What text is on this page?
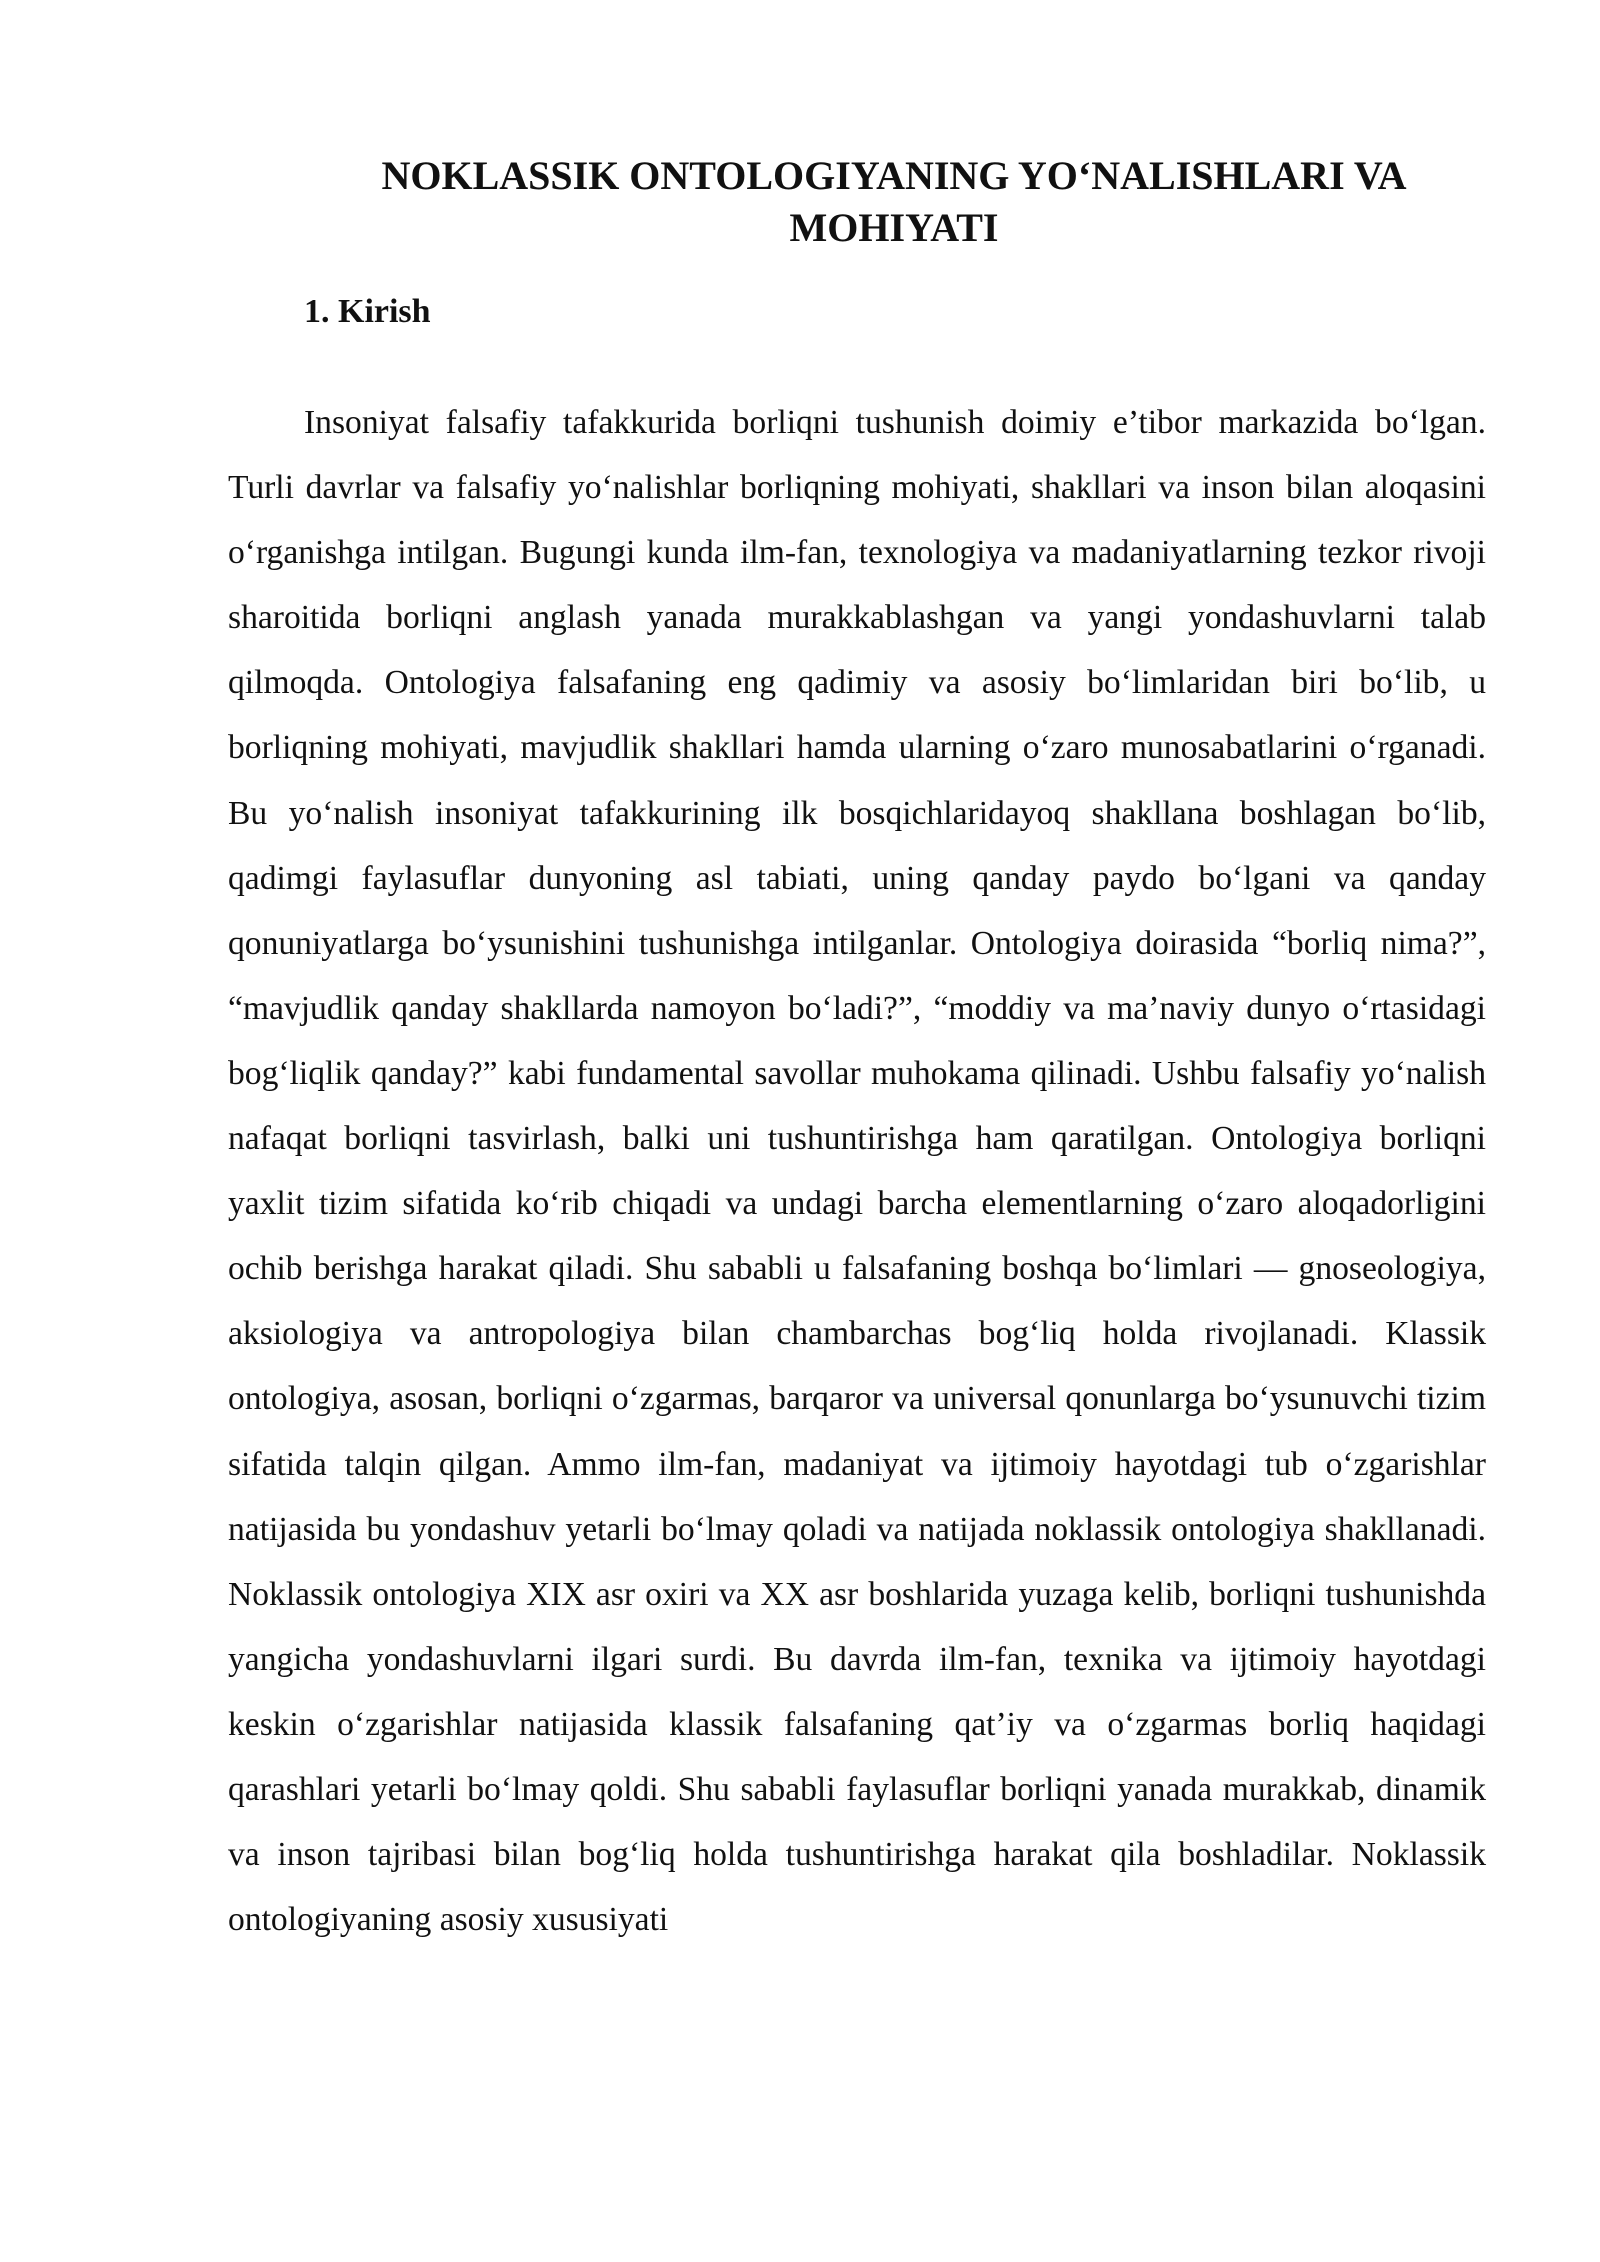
NOKLASSIK ONTOLOGIYANING YO‘NALISHLARI VA MOHIYATI
1. Kirish

Insoniyat falsafiy tafakkurida borliqni tushunish doimiy e’tibor markazida bo‘lgan. Turli davrlar va falsafiy yo‘nalishlar borliqning mohiyati, shakllari va inson bilan aloqasini o‘rganishga intilgan. Bugungi kunda ilm-fan, texnologiya va madaniyatlarning tezkor rivoji sharoitida borliqni anglash yanada murakkablashgan va yangi yondashuvlarni talab qilmoqda. Ontologiya falsafaning eng qadimiy va asosiy bo‘limlaridan biri bo‘lib, u borliqning mohiyati, mavjudlik shakllari hamda ularning o‘zaro munosabatlarini o‘rganadi. Bu yo‘nalish insoniyat tafakkurining ilk bosqichlaridayoq shakllana boshlagan bo‘lib, qadimgi faylasuflar dunyoning asl tabiati, uning qanday paydo bo‘lgani va qanday qonuniyatlarga bo‘ysunishini tushunishga intilganlar. Ontologiya doirasida “borliq nima?”, “mavjudlik qanday shakllarda namoyon bo‘ladi?”, “moddiy va ma’naviy dunyo o‘rtasidagi bog‘liqlik qanday?” kabi fundamental savollar muhokama qilinadi. Ushbu falsafiy yo‘nalish nafaqat borliqni tasvirlash, balki uni tushuntirishga ham qaratilgan. Ontologiya borliqni yaxlit tizim sifatida ko‘rib chiqadi va undagi barcha elementlarning o‘zaro aloqadorligini ochib berishga harakat qiladi. Shu sababli u falsafaning boshqa bo‘limlari — gnoseologiya, aksiologiya va antropologiya bilan chambarchas bog‘liq holda rivojlanadi. Klassik ontologiya, asosan, borliqni o‘zgarmas, barqaror va universal qonunlarga bo‘ysunuvchi tizim sifatida talqin qilgan. Ammo ilm-fan, madaniyat va ijtimoiy hayotdagi tub o‘zgarishlar natijasida bu yondashuv yetarli bo‘lmay qoladi va natijada noklassik ontologiya shakllanadi. Noklassik ontologiya XIX asr oxiri va XX asr boshlarida yuzaga kelib, borliqni tushunishda yangicha yondashuvlarni ilgari surdi. Bu davrda ilm-fan, texnika va ijtimoiy hayotdagi keskin o‘zgarishlar natijasida klassik falsafaning qat’iy va o‘zgarmas borliq haqidagi qarashlari yetarli bo‘lmay qoldi. Shu sababli faylasuflar borliqni yanada murakkab, dinamik va inson tajribasi bilan bog‘liq holda tushuntirishga harakat qila boshladilar. Noklassik ontologiyaning asosiy xususiyati
